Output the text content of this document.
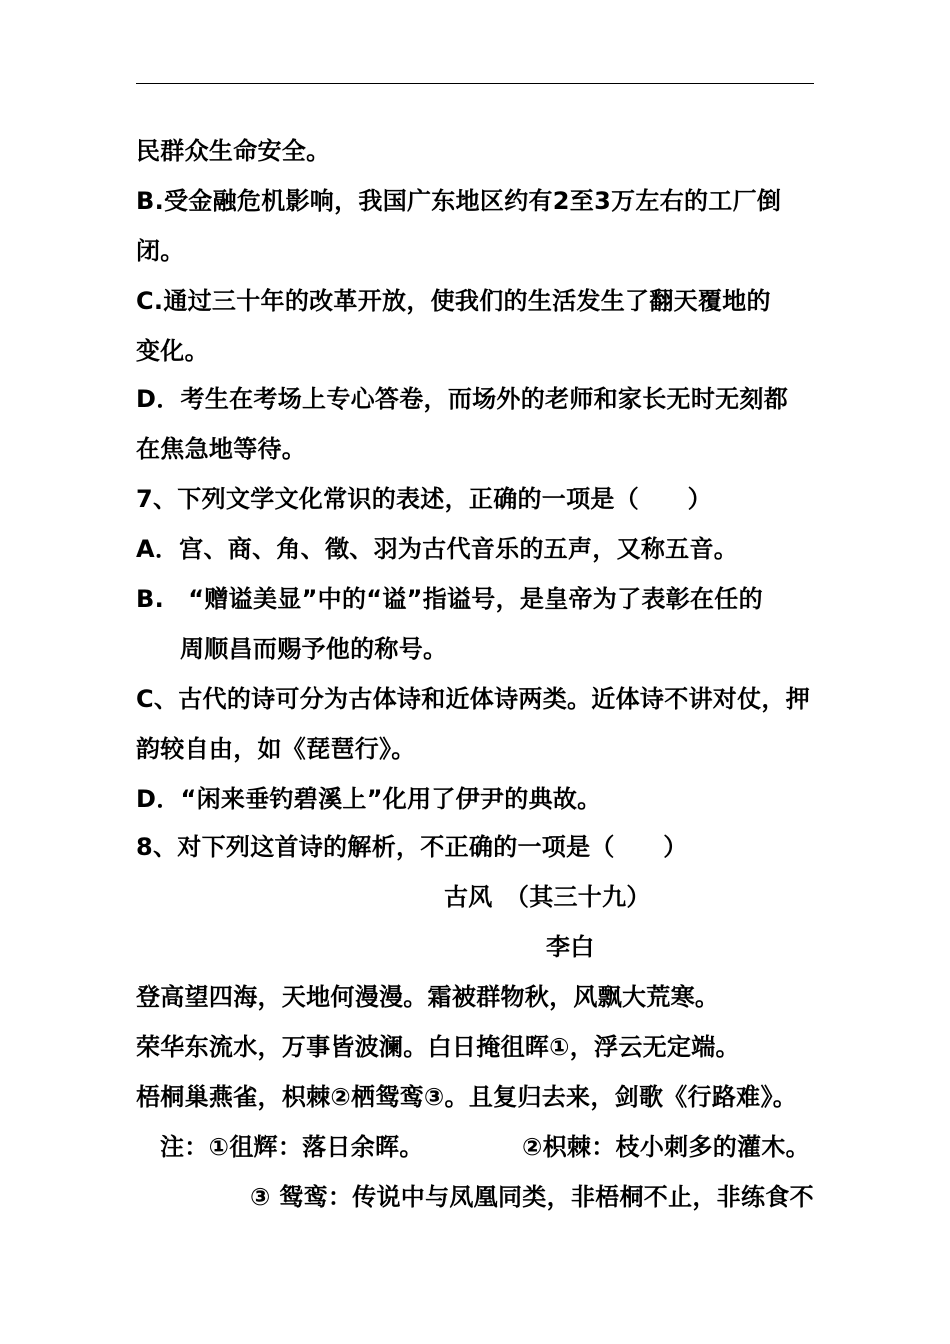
民群众生命安全。
B.受金融危机影响，我国广东地区约有2至3万左右的工厂倒
闭。
C.通过三十年的改革开放，使我们的生活发生了翻天覆地的
变化。
D．考生在考场上专心答卷，而场外的老师和家长无时无刻都
在焦急地等待。
7、下列文学文化常识的表述，正确的一项是（　　）
A．宫、商、角、徵、羽为古代音乐的五声，又称五音。
B.　“赠谥美显”中的“谥”指谥号，是皇帝为了表彰在任的
周顺昌而赐予他的称号。
C、古代的诗可分为古体诗和近体诗两类。近体诗不讲对仗，押
韵较自由，如《琵琶行》。
D．“闲来垂钓碧溪上”化用了伊尹的典故。
8、对下列这首诗的解析，不正确的一项是（　　）
古风　（其三十九）
李白
登高望四海，天地何漫漫。霜被群物秋，风飘大荒寒。
荣华东流水，万事皆波澜。白日掩徂晖①，浮云无定端。
梧桐巢燕雀，枳棘②栖鸳鸾③。且复归去来，剑歌《行路难》。
注：①徂辉：落日余晖。	②枳棘：枝小刺多的灌木。
③ 鸳鸾：传说中与凤凰同类，非梧桐不止，非练食不
